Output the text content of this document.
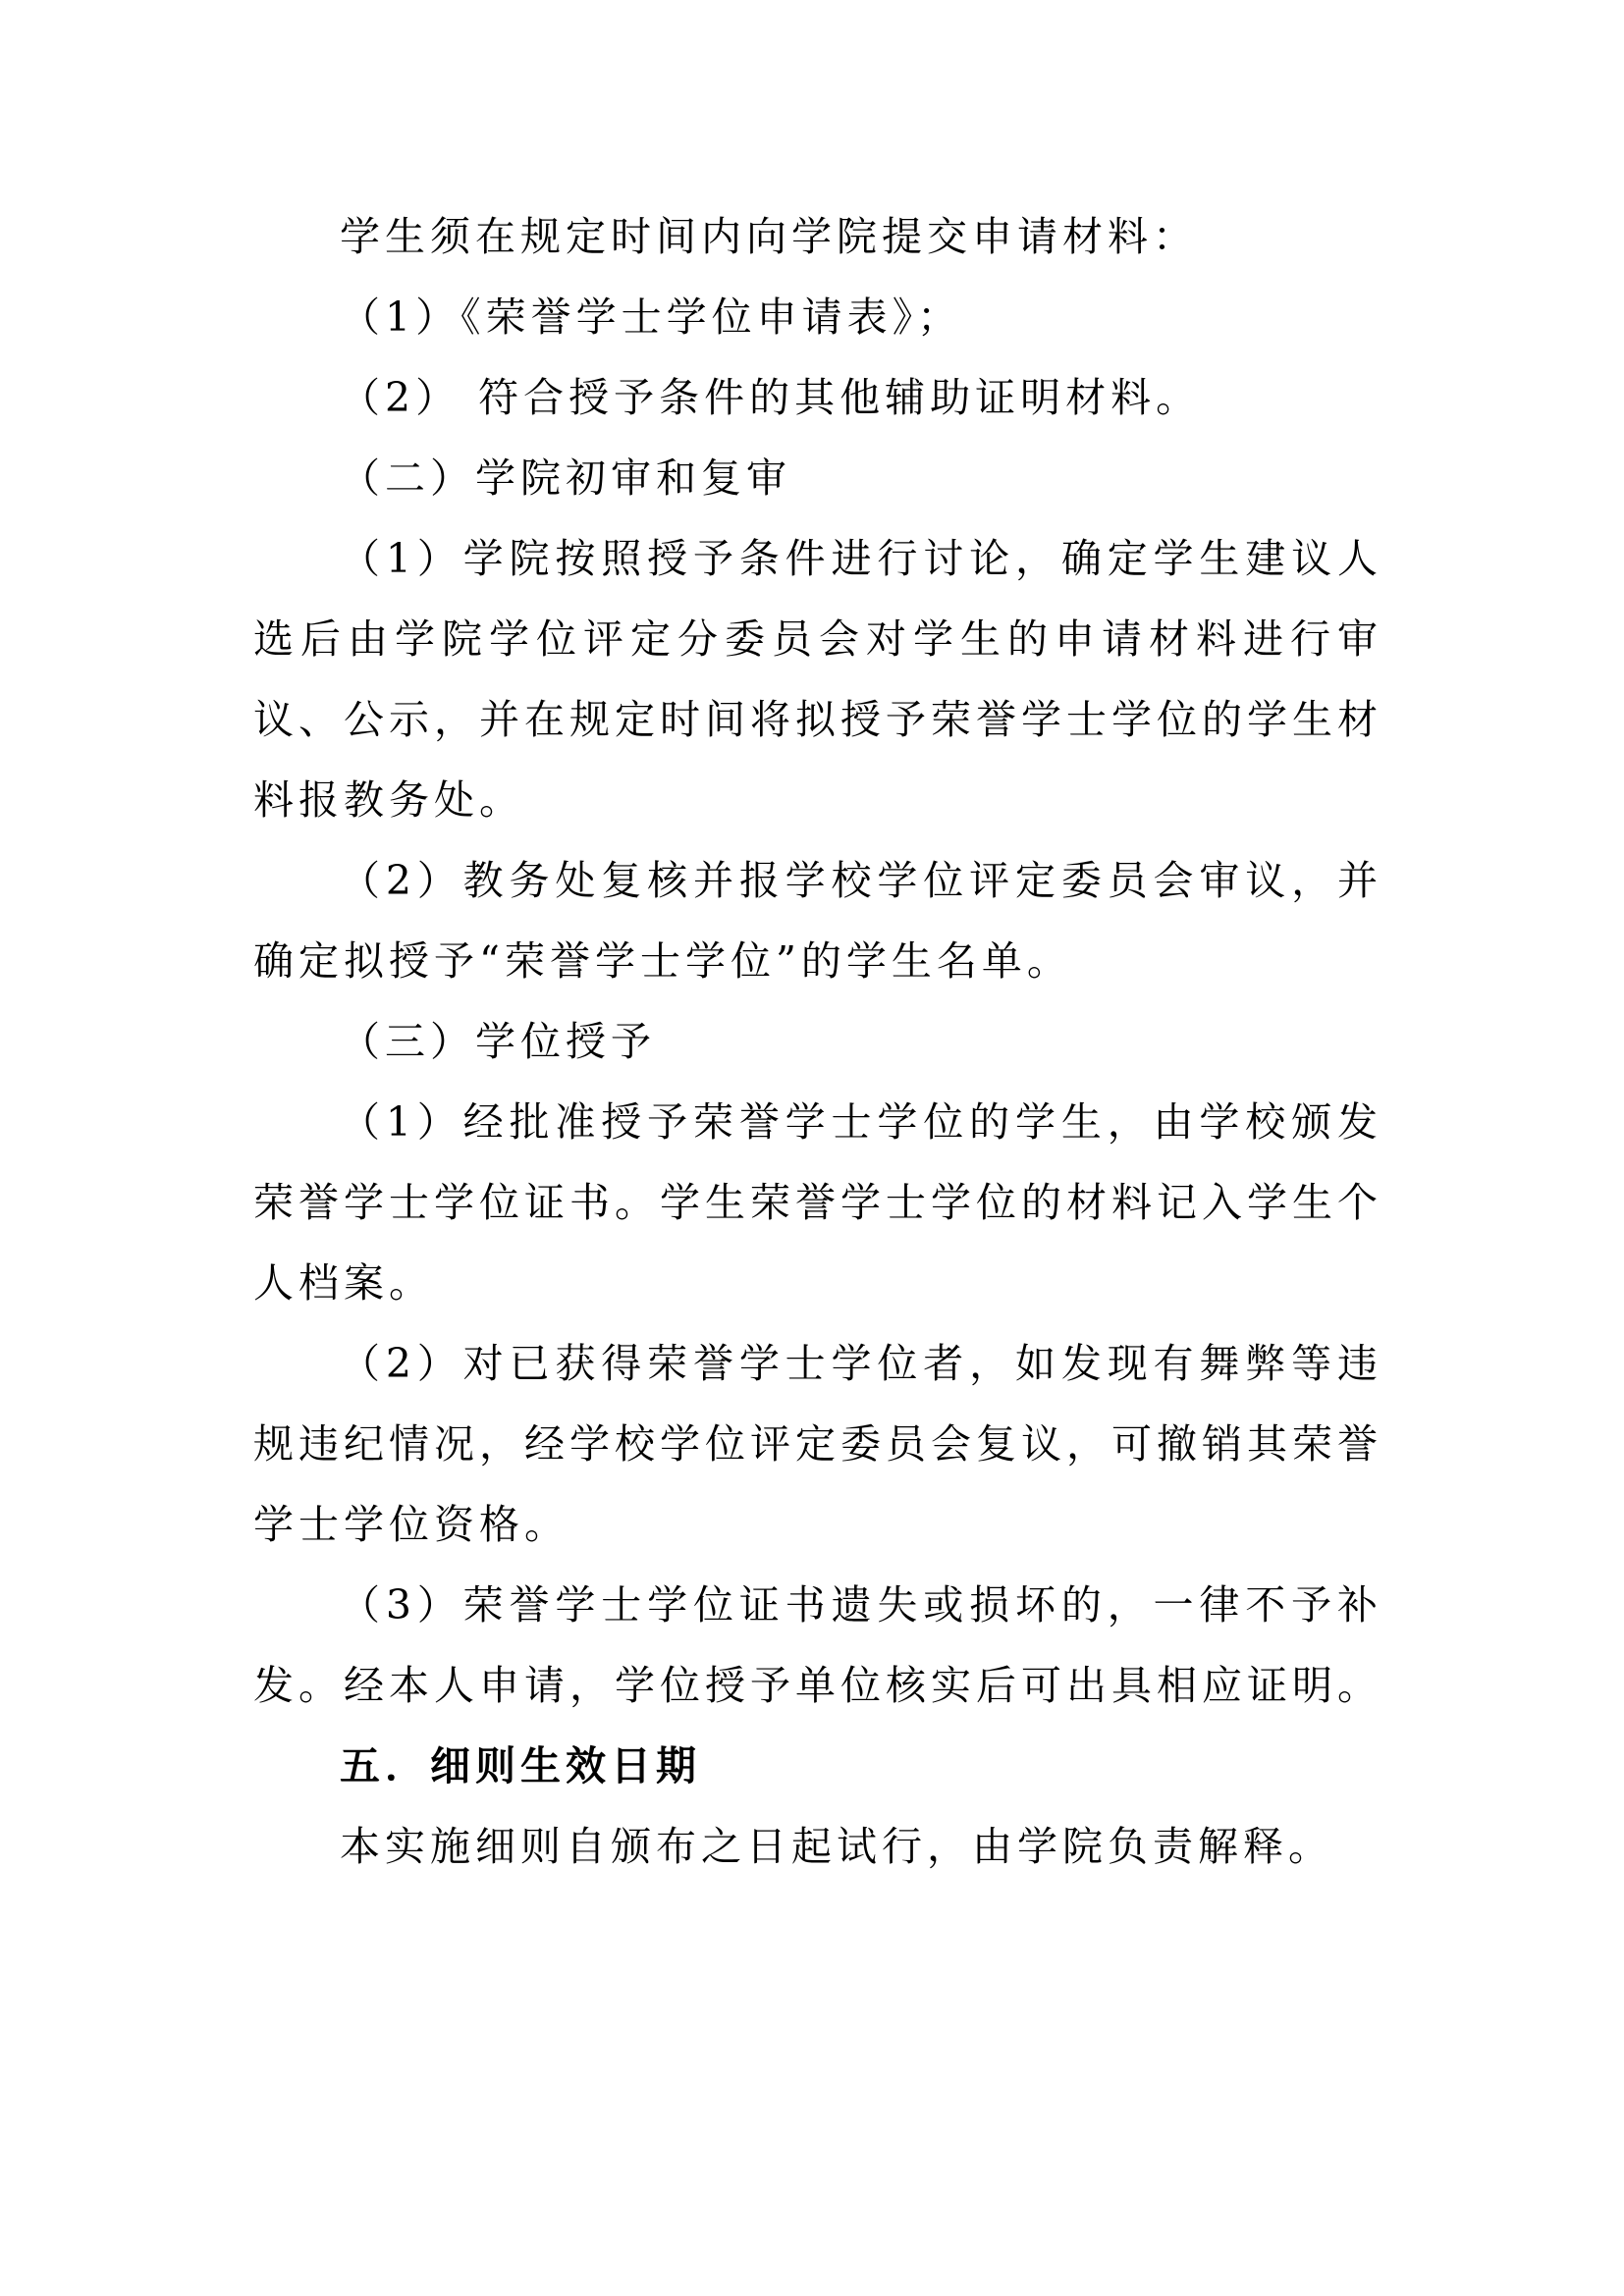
学生须在规定时间内向学院提交申请材料：

（1）《荣誉学士学位申请表》；

（2） 符合授予条件的其他辅助证明材料。

（二）学院初审和复审

（1）学院按照授予条件进行讨论，确定学生建议人选后由学院学位评定分委员会对学生的申请材料进行审议、公示，并在规定时间将拟授予荣誉学士学位的学生材料报教务处。

（2）教务处复核并报学校学位评定委员会审议，并确定拟授予“荣誉学士学位”的学生名单。

（三）学位授予

（1）经批准授予荣誉学士学位的学生，由学校颁发荣誉学士学位证书。学生荣誉学士学位的材料记入学生个人档案。

（2）对已获得荣誉学士学位者，如发现有舞弊等违规违纪情况，经学校学位评定委员会复议，可撤销其荣誉学士学位资格。

（3）荣誉学士学位证书遗失或损坏的，一律不予补发。经本人申请，学位授予单位核实后可出具相应证明。

五．细则生效日期

本实施细则自颁布之日起试行，由学院负责解释。
